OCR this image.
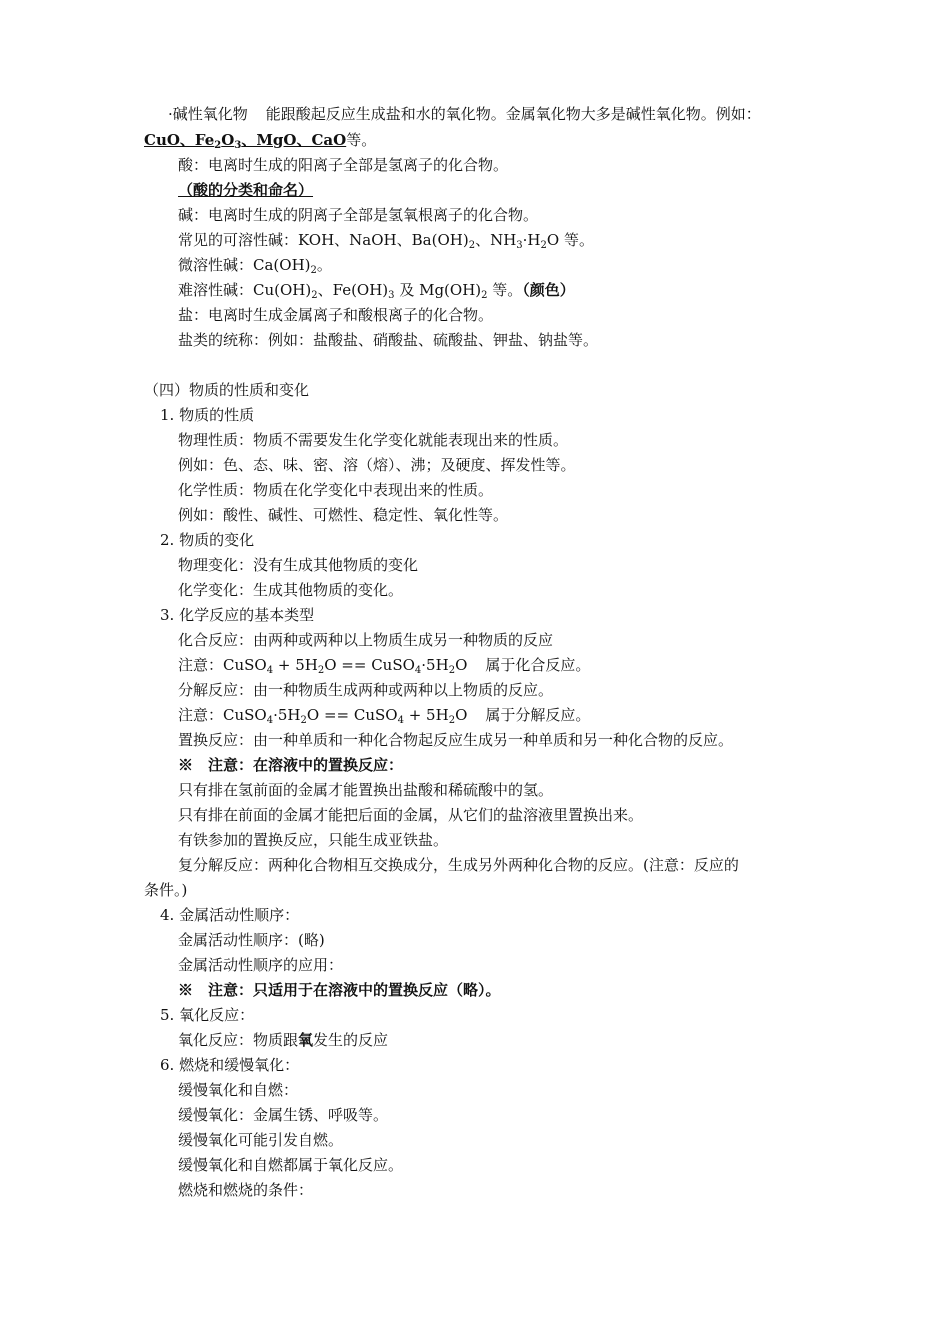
·碱性氧化物 能跟酸起反应生成盐和水的氧化物。金属氧化物大多是碱性氧化物。例如：
CuO、$Fe_2O_3$、MgO、CaO等。
酸：电离时生成的阳离子全部是氢离子的化合物。
（酸的分类和命名）
碱：电离时生成的阴离子全部是氢氧根离子的化合物。
常见的可溶性碱：KOH、NaOH、$Ba(OH)_2$、$NH_3\cdot H_2O$ 等。
微溶性碱：$Ca(OH)_2$。
难溶性碱：$Cu(OH)_2$、$Fe(OH)_3$ 及 $Mg(OH)_2$ 等。（颜色）
盐：电离时生成金属离子和酸根离子的化合物。
盐类的统称：例如：盐酸盐、硝酸盐、硫酸盐、钾盐、钠盐等。
（四）物质的性质和变化
1. 物质的性质
物理性质：物质不需要发生化学变化就能表现出来的性质。
例如：色、态、味、密、溶（熔）、沸；及硬度、挥发性等。
化学性质：物质在化学变化中表现出来的性质。
例如：酸性、碱性、可燃性、稳定性、氧化性等。
2. 物质的变化
物理变化：没有生成其他物质的变化
化学变化：生成其他物质的变化。
3. 化学反应的基本类型
化合反应：由两种或两种以上物质生成另一种物质的反应
注意：CuSO$_4$ + $5H_2O$ == $CuSO_4\cdot 5H_2O$ 属于化合反应。
分解反应：由一种物质生成两种或两种以上物质的反应。
注意：$CuSO_4\cdot 5H_2O$ == CuSO$_4$ + $5H_2O$ 属于分解反应。
置换反应：由一种单质和一种化合物起反应生成另一种单质和另一种化合物的反应。
※　注意：在溶液中的置换反应：
只有排在氢前面的金属才能置换出盐酸和稀硫酸中的氢。
只有排在前面的金属才能把后面的金属，从它们的盐溶液里置换出来。
有铁参加的置换反应，只能生成亚铁盐。
复分解反应：两种化合物相互交换成分，生成另外两种化合物的反应。(注意：反应的
条件。)
4. 金属活动性顺序：
金属活动性顺序：(略)
金属活动性顺序的应用：
※　注意：只适用于在溶液中的置换反应（略）。
5. 氧化反应：
氧化反应：物质跟氧发生的反应
6. 燃烧和缓慢氧化：
缓慢氧化和自燃：
缓慢氧化：金属生锈、呼吸等。
缓慢氧化可能引发自燃。
缓慢氧化和自燃都属于氧化反应。
燃烧和燃烧的条件：
